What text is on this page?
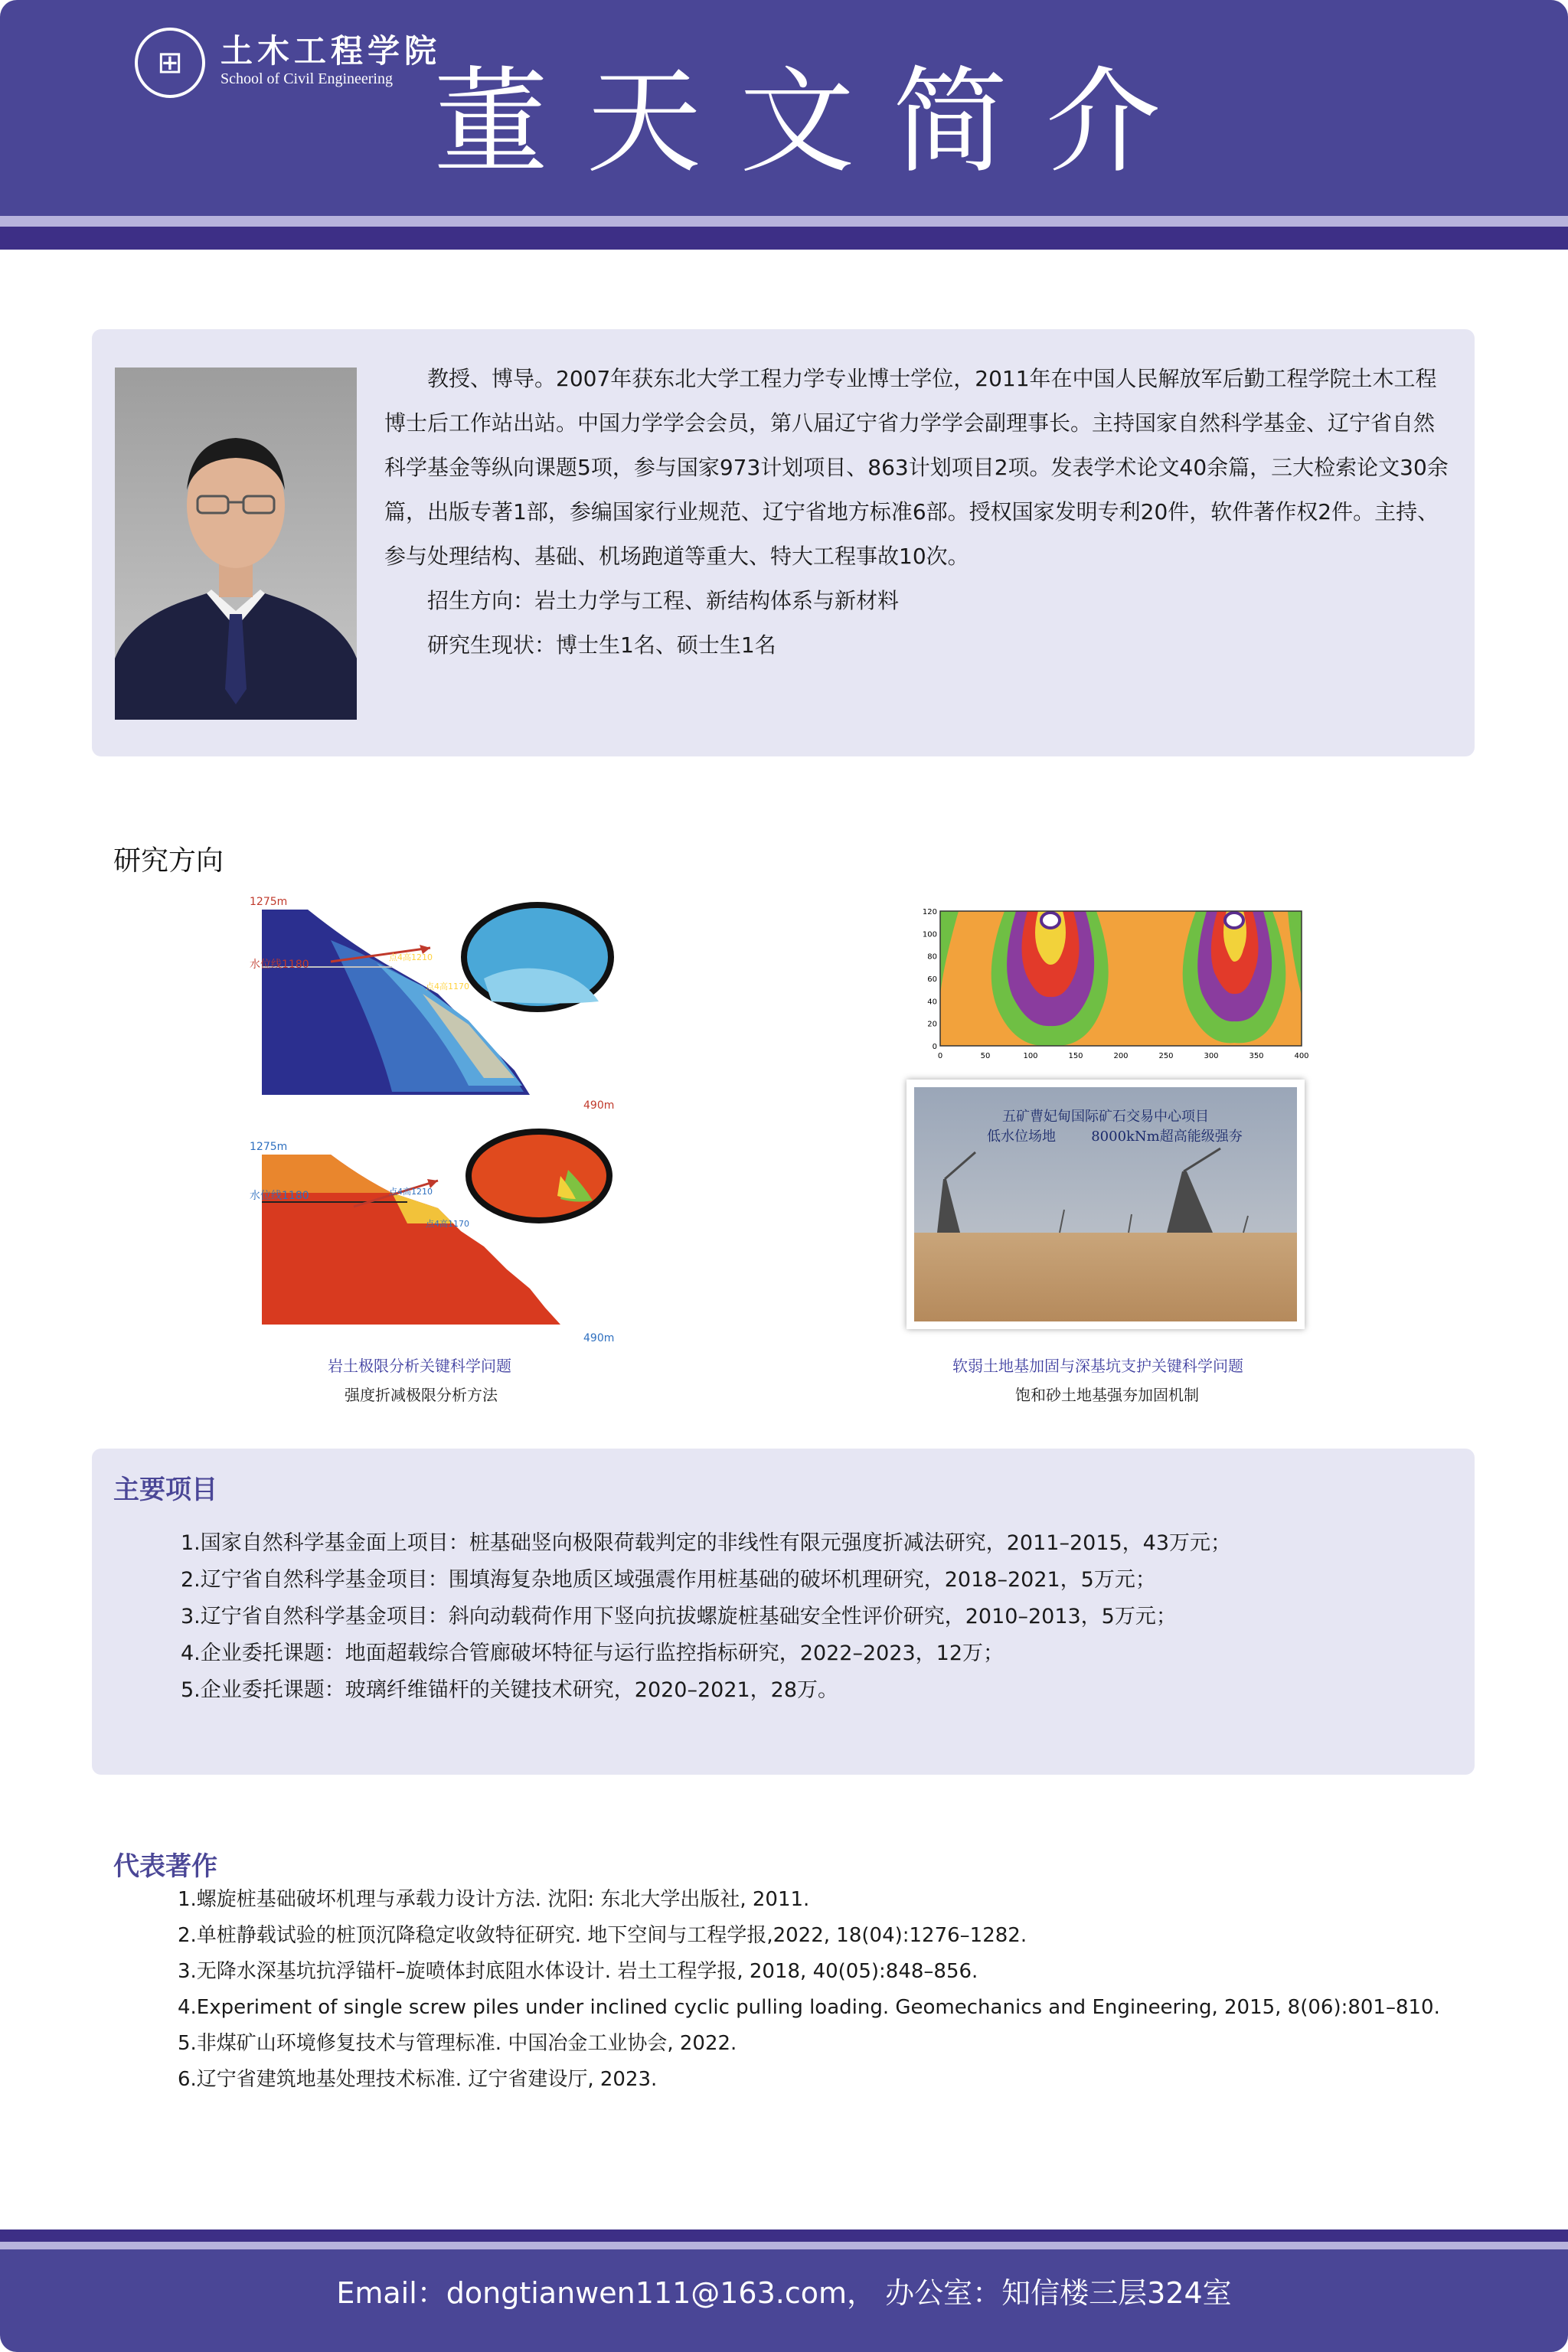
⊞	土木工程学院
School of Civil Engineering 董天文简介

教授、博导。2007年获东北大学工程力学专业博士学位，2011年在中国人民解放军后勤工程学院土木工程博士后工作站出站。中国力学学会会员，第八届辽宁省力学学会副理事长。主持国家自然科学基金、辽宁省自然科学基金等纵向课题5项，参与国家973计划项目、863计划项目2项。发表学术论文40余篇，三大检索论文30余篇，出版专著1部，参编国家行业规范、辽宁省地方标准6部。授权国家发明专利20件，软件著作权2件。主持、参与处理结构、基础、机场跑道等重大、特大工程事故10次。

招生方向：岩土力学与工程、新结构体系与新材料

研究生现状：博士生1名、硕士生1名

研究方向
1275m
水位线1180
点4高1210
点4高1170
490m
1275m
水位线1180	点4高1210
点4高1170
490m
岩土极限分析关键科学问题
强度折减极限分析方法
120
100
80
60
40
20
0
0	50	100	150	200	250	300	350	400
五矿曹妃甸国际矿石交易中心项目
低水位场地	8000kNm超高能级强夯
软弱土地基加固与深基坑支护关键科学问题
饱和砂土地基强夯加固机制
主要项目
1.国家自然科学基金面上项目：桩基础竖向极限荷载判定的非线性有限元强度折减法研究，2011–2015，43万元；
2.辽宁省自然科学基金项目：围填海复杂地质区域强震作用桩基础的破坏机理研究，2018–2021，5万元；
3.辽宁省自然科学基金项目：斜向动载荷作用下竖向抗拔螺旋桩基础安全性评价研究，2010–2013，5万元；
4.企业委托课题：地面超载综合管廊破坏特征与运行监控指标研究，2022–2023，12万；
5.企业委托课题：玻璃纤维锚杆的关键技术研究，2020–2021，28万。
代表著作
1.螺旋桩基础破坏机理与承载力设计方法. 沈阳: 东北大学出版社, 2011.
2.单桩静载试验的桩顶沉降稳定收敛特征研究. 地下空间与工程学报,2022, 18(04):1276–1282.
3.无降水深基坑抗浮锚杆–旋喷体封底阻水体设计. 岩土工程学报, 2018, 40(05):848–856.
4.Experiment of single screw piles under inclined cyclic pulling loading. Geomechanics and Engineering, 2015, 8(06):801–810.
5.非煤矿山环境修复技术与管理标准. 中国冶金工业协会, 2022.
6.辽宁省建筑地基处理技术标准. 辽宁省建设厅, 2023.
Email：dongtianwen111@163.com， 办公室：知信楼三层324室
